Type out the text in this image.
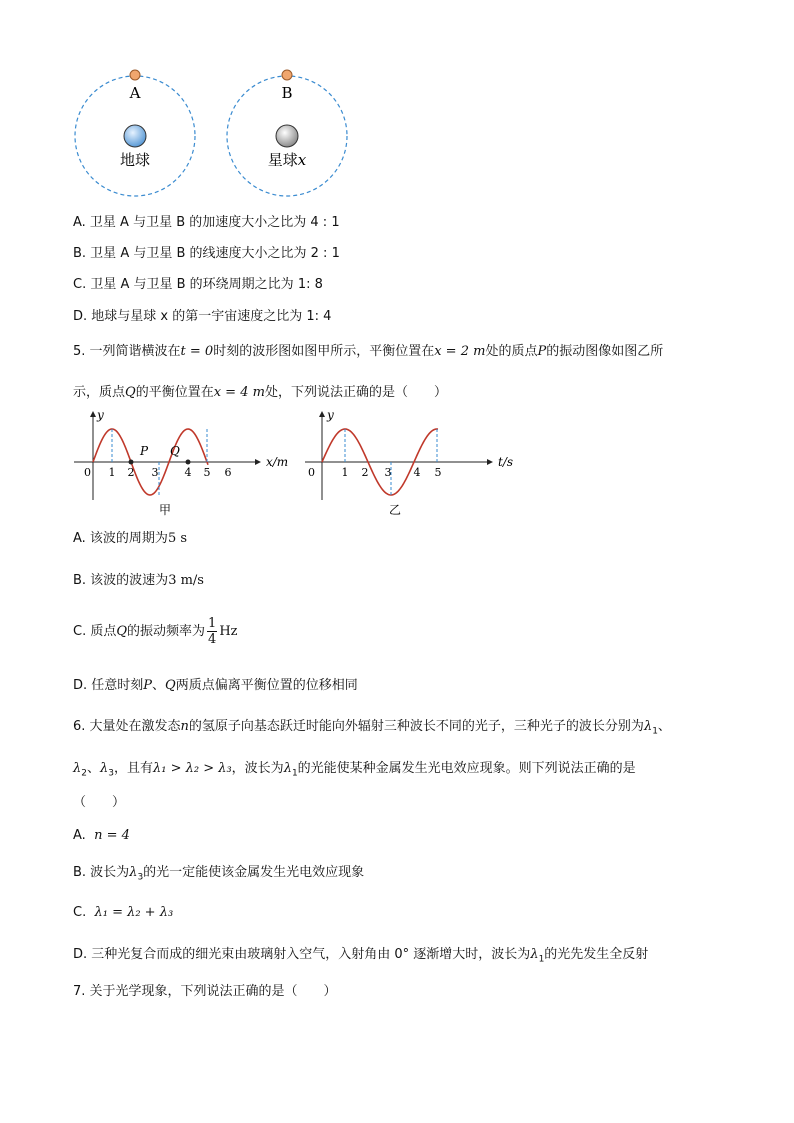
A
地球
B
星球x
A. 卫星 A 与卫星 B 的加速度大小之比为 4 : 1
B. 卫星 A 与卫星 B 的线速度大小之比为 2 : 1
C. 卫星 A 与卫星 B 的环绕周期之比为 1: 8
D. 地球与星球 x 的第一宇宙速度之比为 1: 4
5. 一列简谐横波在t = 0时刻的波形图如图甲所示，平衡位置在x = 2 m处的质点P的振动图像如图乙所
示，质点Q的平衡位置在x = 4 m处，下列说法正确的是（　　）
P Q
y
0 1 2 3 4 5 6
x/m
甲
y
0 1 2 3 4 5
t/s
乙
A. 该波的周期为5 s
B. 该波的波速为3 m/s
C. 质点Q的振动频率为 $\frac{1}{4}$ Hz
D. 任意时刻P、Q两质点偏离平衡位置的位移相同
6. 大量处在激发态n的氢原子向基态跃迁时能向外辐射三种波长不同的光子，三种光子的波长分别为$\lambda_1$、
$\lambda_2$、$\lambda_3$，且有λ₁ > λ₂ > λ₃，波长为$\lambda_1$的光能使某种金属发生光电效应现象。则下列说法正确的是
（　　）
A. n = 4
B. 波长为$\lambda_3$的光一定能使该金属发生光电效应现象
C. λ₁ = λ₂ + λ₃
D. 三种光复合而成的细光束由玻璃射入空气，入射角由 0° 逐渐增大时，波长为$\lambda_1$的光先发生全反射
7. 关于光学现象，下列说法正确的是（　　）
